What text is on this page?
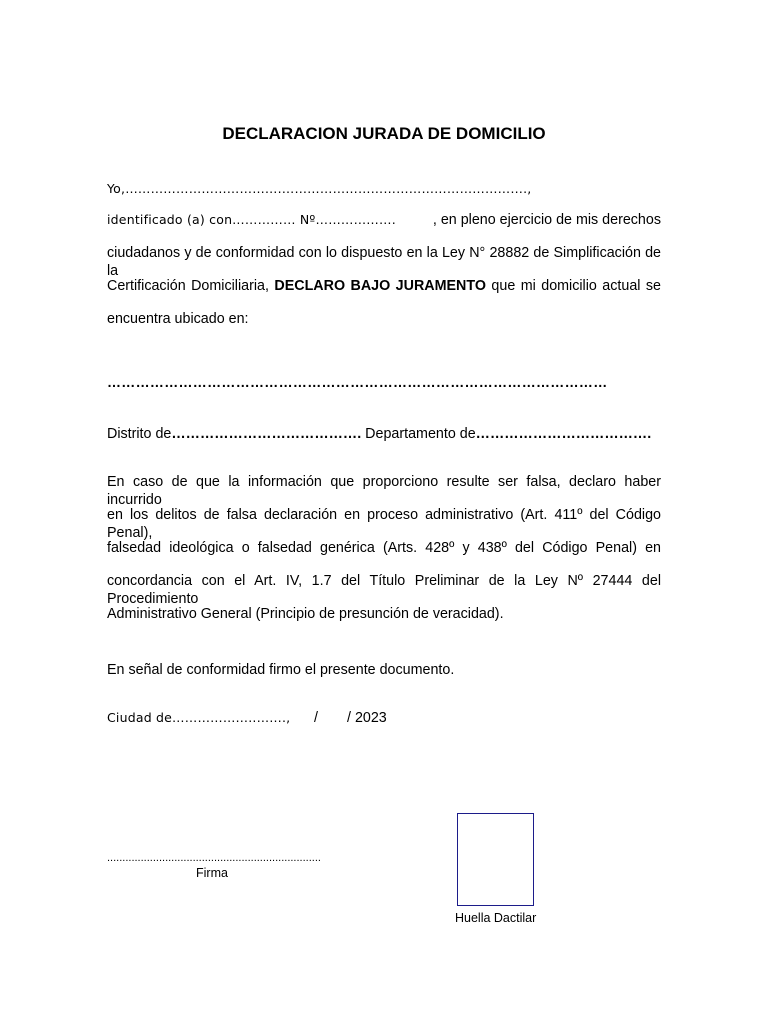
DECLARACION JURADA DE DOMICILIO
Yo,……………………………….………………………………………………….,
identificado (a) con…………… Nº……………….	, en pleno ejercicio de mis derechos
ciudadanos y de conformidad con lo dispuesto en la Ley N° 28882 de Simplificación de la
Certificación Domiciliaria, DECLARO BAJO JURAMENTO que mi domicilio actual se
encuentra ubicado en:
……………………………………………………………………………………………
Distrito de…………………………………. Departamento de……………………………….
En caso de que la información que proporciono resulte ser falsa, declaro haber incurrido
en los delitos de falsa declaración en proceso administrativo (Art. 411º del Código Penal),
falsedad ideológica o falsedad genérica (Arts. 428º y 438º del Código Penal) en
concordancia con el Art. IV, 1.7 del Título Preliminar de la Ley Nº 27444 del Procedimiento
Administrativo General (Principio de presunción de veracidad).
En señal de conformidad firmo el presente documento.
Ciudad de………………..……., / / 2023
......................................................................
Firma
Huella Dactilar
